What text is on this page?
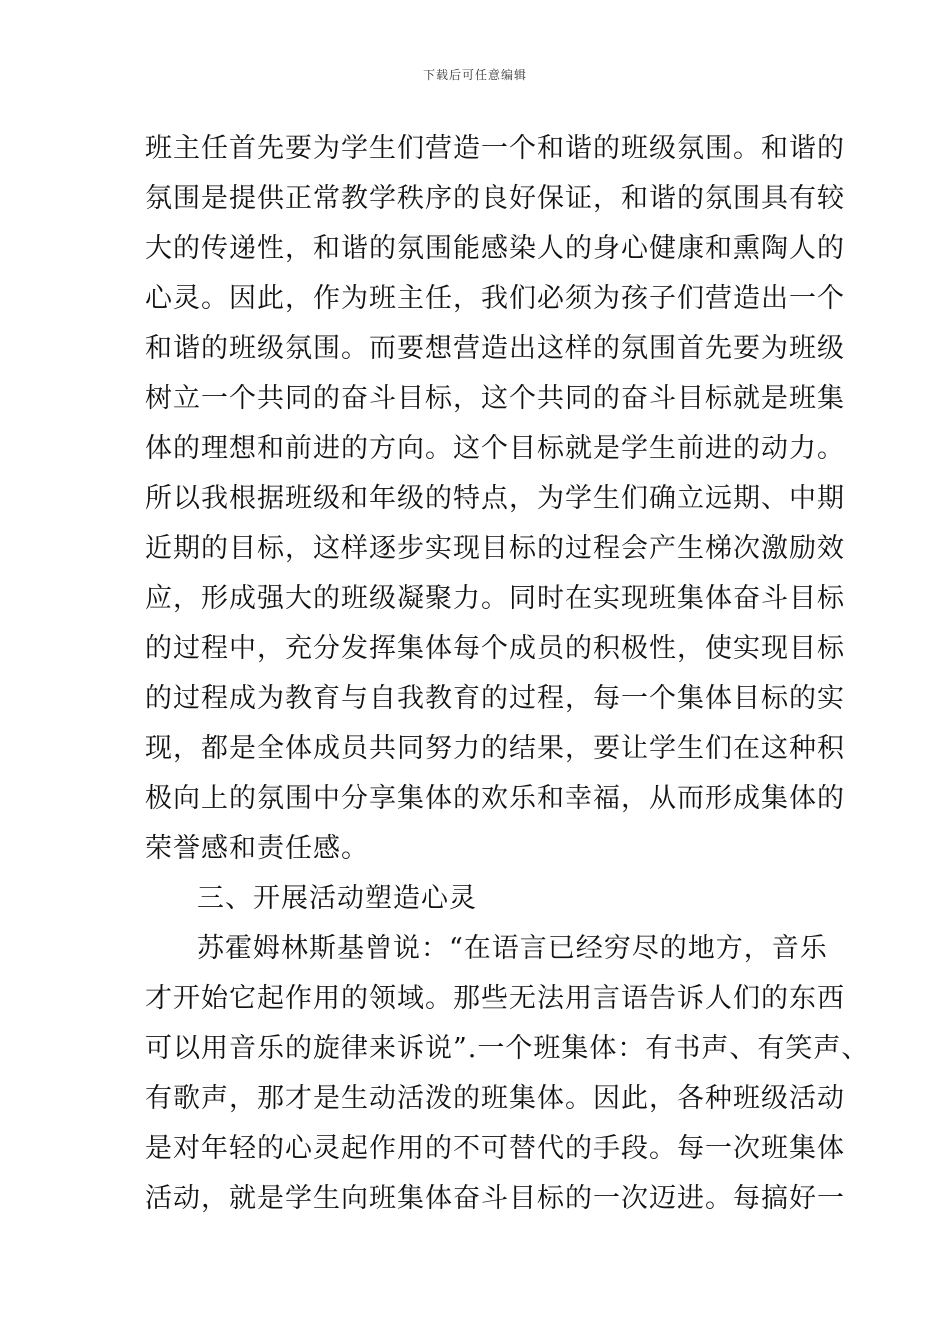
下载后可任意编辑
班主任首先要为学生们营造一个和谐的班级氛围。和谐的
氛围是提供正常教学秩序的良好保证，和谐的氛围具有较
大的传递性，和谐的氛围能感染人的身心健康和熏陶人的
心灵。因此，作为班主任，我们必须为孩子们营造出一个
和谐的班级氛围。而要想营造出这样的氛围首先要为班级
树立一个共同的奋斗目标，这个共同的奋斗目标就是班集
体的理想和前进的方向。这个目标就是学生前进的动力。
所以我根据班级和年级的特点，为学生们确立远期、中期
近期的目标，这样逐步实现目标的过程会产生梯次激励效
应，形成强大的班级凝聚力。同时在实现班集体奋斗目标
的过程中，充分发挥集体每个成员的积极性，使实现目标
的过程成为教育与自我教育的过程，每一个集体目标的实
现，都是全体成员共同努力的结果，要让学生们在这种积
极向上的氛围中分享集体的欢乐和幸福，从而形成集体的
荣誉感和责任感。
三、开展活动塑造心灵
苏霍姆林斯基曾说：“在语言已经穷尽的地方，音乐
才开始它起作用的领域。那些无法用言语告诉人们的东西
可以用音乐的旋律来诉说”.一个班集体：有书声、有笑声、
有歌声，那才是生动活泼的班集体。因此，各种班级活动
是对年轻的心灵起作用的不可替代的手段。每一次班集体
活动，就是学生向班集体奋斗目标的一次迈进。每搞好一
